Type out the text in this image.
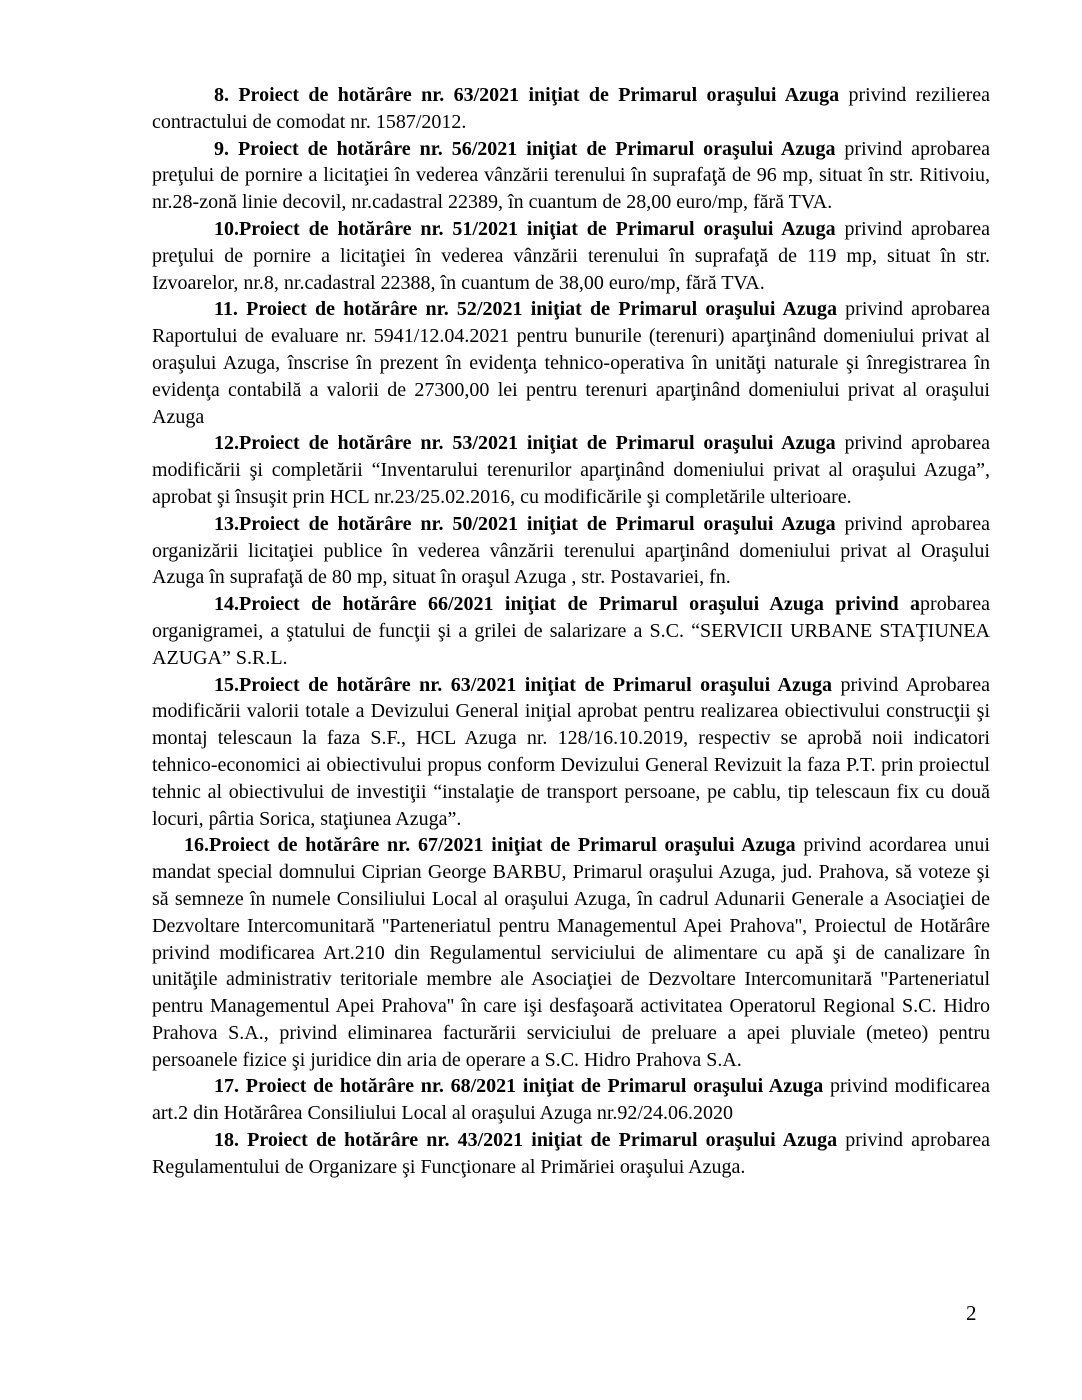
8. Proiect de hotărâre nr. 63/2021 iniţiat de Primarul oraşului Azuga privind rezilierea contractului de comodat nr. 1587/2012.

9. Proiect de hotărâre nr. 56/2021 iniţiat de Primarul oraşului Azuga privind aprobarea preţului de pornire a licitaţiei în vederea vânzării terenului în suprafaţă de 96 mp, situat în str. Ritivoiu, nr.28-zonă linie decovil, nr.cadastral 22389, în cuantum de 28,00 euro/mp, fără TVA.

10.Proiect de hotărâre nr. 51/2021 iniţiat de Primarul oraşului Azuga privind aprobarea preţului de pornire a licitaţiei în vederea vânzării terenului în suprafaţă de 119 mp, situat în str. Izvoarelor, nr.8, nr.cadastral 22388, în cuantum de 38,00 euro/mp, fără TVA.

11. Proiect de hotărâre nr. 52/2021 iniţiat de Primarul oraşului Azuga privind aprobarea Raportului de evaluare nr. 5941/12.04.2021 pentru bunurile (terenuri) aparţinând domeniului privat al oraşului Azuga, înscrise în prezent în evidenţa tehnico-operativa în unităţi naturale şi înregistrarea în evidenţa contabilă a valorii de 27300,00 lei pentru terenuri aparţinând domeniului privat al oraşului Azuga

12.Proiect de hotărâre nr. 53/2021 iniţiat de Primarul oraşului Azuga privind aprobarea modificării şi completării “Inventarului terenurilor aparţinând domeniului privat al oraşului Azuga”, aprobat şi însuşit prin HCL nr.23/25.02.2016, cu modificările şi completările ulterioare.

13.Proiect de hotărâre nr. 50/2021 iniţiat de Primarul oraşului Azuga privind aprobarea organizării licitaţiei publice în vederea vânzării terenului aparţinând domeniului privat al Oraşului Azuga în suprafaţă de 80 mp, situat în oraşul Azuga , str. Postavariei, fn.

14.Proiect de hotărâre 66/2021 iniţiat de Primarul oraşului Azuga privind aprobarea organigramei, a ştatului de funcţii şi a grilei de salarizare a S.C. “SERVICII URBANE STAŢIUNEA AZUGA” S.R.L.

15.Proiect de hotărâre nr. 63/2021 iniţiat de Primarul oraşului Azuga privind Aprobarea modificării valorii totale a Devizului General iniţial aprobat pentru realizarea obiectivului construcţii şi montaj telescaun la faza S.F., HCL Azuga nr. 128/16.10.2019, respectiv se aprobă noii indicatori tehnico-economici ai obiectivului propus conform Devizului General Revizuit la faza P.T. prin proiectul tehnic al obiectivului de investiţii “instalaţie de transport persoane, pe cablu, tip telescaun fix cu două locuri, pârtia Sorica, staţiunea Azuga”.

16.Proiect de hotărâre nr. 67/2021 iniţiat de Primarul oraşului Azuga privind acordarea unui mandat special domnului Ciprian George BARBU, Primarul oraşului Azuga, jud. Prahova, să voteze şi să semneze în numele Consiliului Local al oraşului Azuga, în cadrul Adunarii Generale a Asociaţiei de Dezvoltare Intercomunitară ''Parteneriatul pentru Managementul Apei Prahova'', Proiectul de Hotărâre privind modificarea Art.210 din Regulamentul serviciului de alimentare cu apă şi de canalizare în unităţile administrativ teritoriale membre ale Asociaţiei de Dezvoltare Intercomunitară ''Parteneriatul pentru Managementul Apei Prahova'' în care işi desfaşoară activitatea Operatorul Regional S.C. Hidro Prahova S.A., privind eliminarea facturării serviciului de preluare a apei pluviale (meteo) pentru persoanele fizice şi juridice din aria de operare a S.C. Hidro Prahova S.A.

17. Proiect de hotărâre nr. 68/2021 iniţiat de Primarul oraşului Azuga privind modificarea art.2 din Hotărârea Consiliului Local al oraşului Azuga nr.92/24.06.2020

18. Proiect de hotărâre nr. 43/2021 iniţiat de Primarul oraşului Azuga privind aprobarea Regulamentului de Organizare şi Funcţionare al Primăriei oraşului Azuga.

2
